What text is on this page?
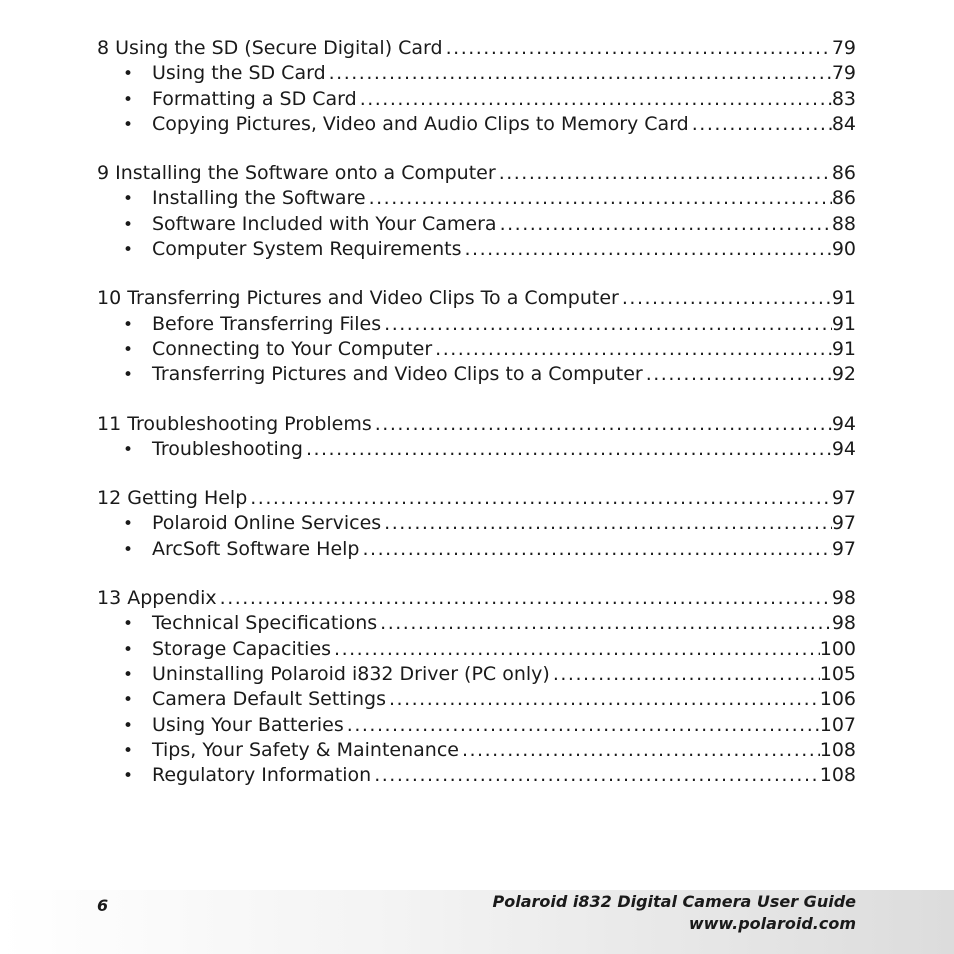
8 Using the SD (Secure Digital) Card .....	79
• Using the SD Card .....	79
• Formatting a SD Card .....	83
• Copying Pictures, Video and Audio Clips to Memory Card .....	84
9 Installing the Software onto a Computer .....	86
• Installing the Software .....	86
• Software Included with Your Camera .....	88
• Computer System Requirements .....	90
10 Transferring Pictures and Video Clips To a Computer .....	91
• Before Transferring Files .....	91
• Connecting to Your Computer .....	91
• Transferring Pictures and Video Clips to a Computer .....	92
11 Troubleshooting Problems .....	94
• Troubleshooting .....	94
12 Getting Help .....	97
• Polaroid Online Services .....	97
• ArcSoft Software Help .....	97
13 Appendix .....	98
• Technical Specifications .....	98
• Storage Capacities .....	100
• Uninstalling Polaroid i832 Driver (PC only) .....	105
• Camera Default Settings .....	106
• Using Your Batteries .....	107
• Tips, Your Safety & Maintenance .....	108
• Regulatory Information .....	108
6	Polaroid i832 Digital Camera User Guide
www.polaroid.com
